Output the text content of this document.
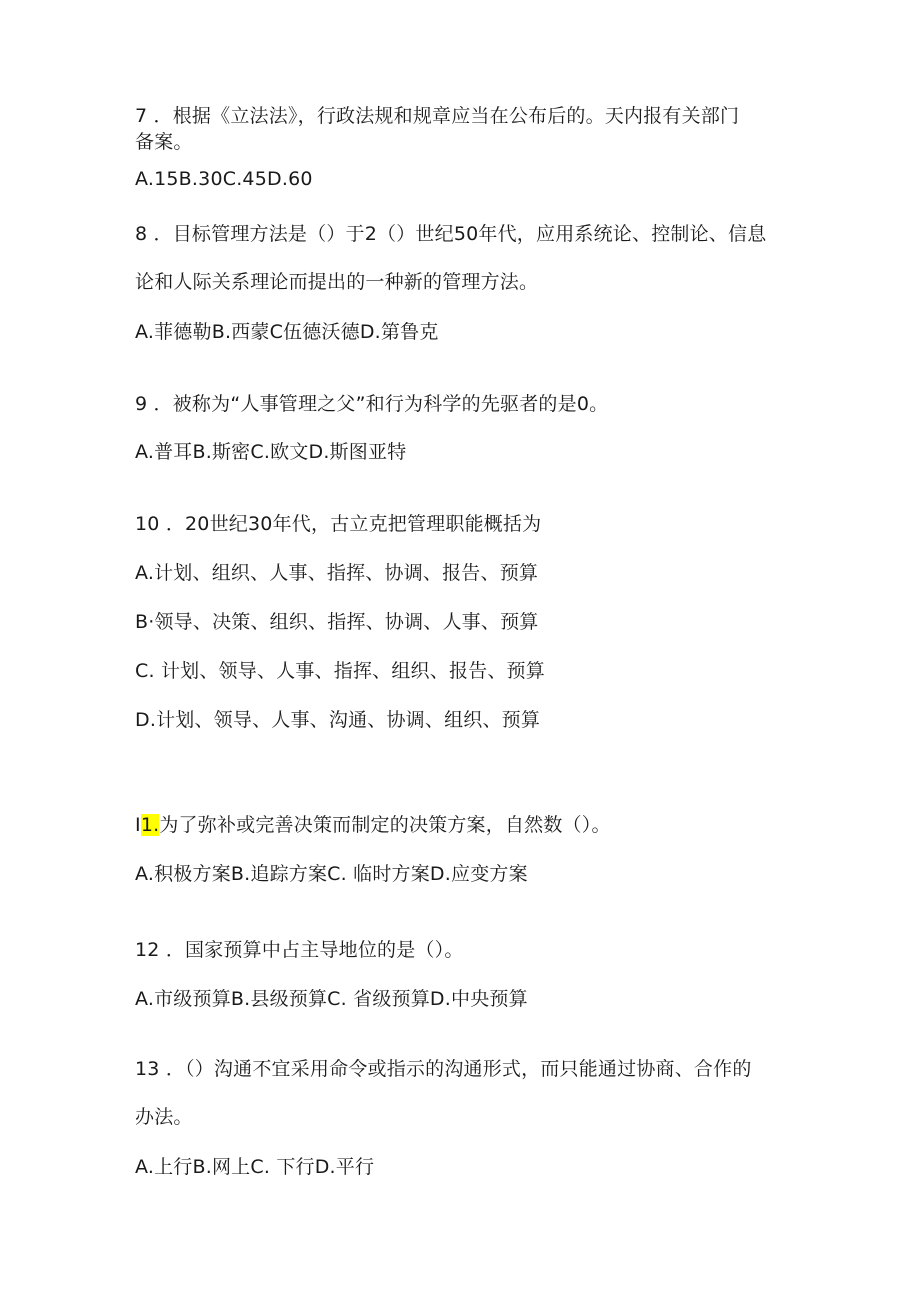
7 ．根据《立法法》，行政法规和规章应当在公布后的。天内报有关部门

备案。

A.15B.30C.45D.60

8 ．目标管理方法是（）于2（）世纪50年代，应用系统论、控制论、信息

论和人际关系理论而提出的一种新的管理方法。

A.菲德勒B.西蒙C伍德沃德D.第鲁克

9 ．被称为“人事管理之父”和行为科学的先驱者的是0。

A.普耳B.斯密C.欧文D.斯图亚特

10 ．20世纪30年代，古立克把管理职能概括为

A.计划、组织、人事、指挥、协调、报告、预算

B·领导、决策、组织、指挥、协调、人事、预算

C. 计划、领导、人事、指挥、组织、报告、预算

D.计划、领导、人事、沟通、协调、组织、预算

I1.为了弥补或完善决策而制定的决策方案，自然数（）。

A.积极方案B.追踪方案C. 临时方案D.应变方案

12 ．国家预算中占主导地位的是（）。

A.市级预算B.县级预算C. 省级预算D.中央预算

13 ．（）沟通不宜采用命令或指示的沟通形式，而只能通过协商、合作的

办法。

A.上行B.网上C. 下行D.平行
